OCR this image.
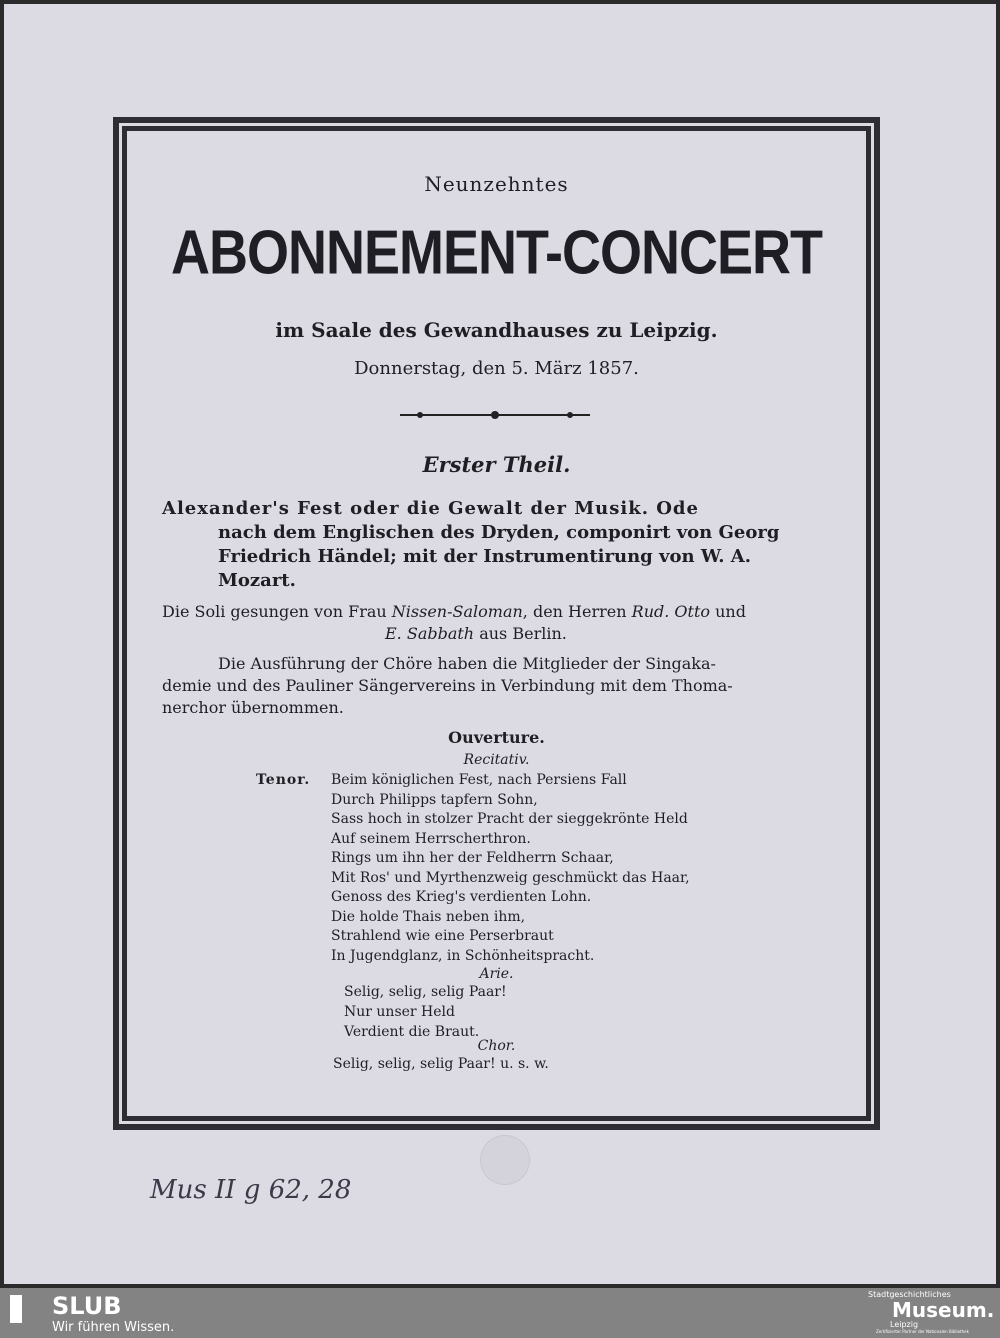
Neunzehntes
ABONNEMENT-CONCERT
im Saale des Gewandhauses zu Leipzig.
Donnerstag, den 5. März 1857.
Erster Theil.
Alexander's Fest oder die Gewalt der Musik. Ode
nach dem Englischen des Dryden, componirt von Georg
Friedrich Händel; mit der Instrumentirung von W. A.
Mozart.
Die Soli gesungen von Frau Nissen-Saloman, den Herren Rud. Otto und
E. Sabbath aus Berlin.
Die Ausführung der Chöre haben die Mitglieder der Singaka-
demie und des Pauliner Sängervereins in Verbindung mit dem Thoma-
nerchor übernommen.
Ouverture.
Recitativ.
Tenor. Beim königlichen Fest, nach Persiens Fall
Durch Philipps tapfern Sohn,
Sass hoch in stolzer Pracht der sieggekrönte Held
Auf seinem Herrscherthron.
Rings um ihn her der Feldherrn Schaar,
Mit Ros' und Myrthenzweig geschmückt das Haar,
Genoss des Krieg's verdienten Lohn.
Die holde Thais neben ihm,
Strahlend wie eine Perserbraut
In Jugendglanz, in Schönheitspracht.
Arie.
Selig, selig, selig Paar!
Nur unser Held
Verdient die Braut.
Chor.
Selig, selig, selig Paar! u. s. w.
Mus II g 62, 28
SLUB
Wir führen Wissen.
Stadtgeschichtliches
Museum.
Leipzig
Zertifizierter Partner der Nationalen Bibliothek
